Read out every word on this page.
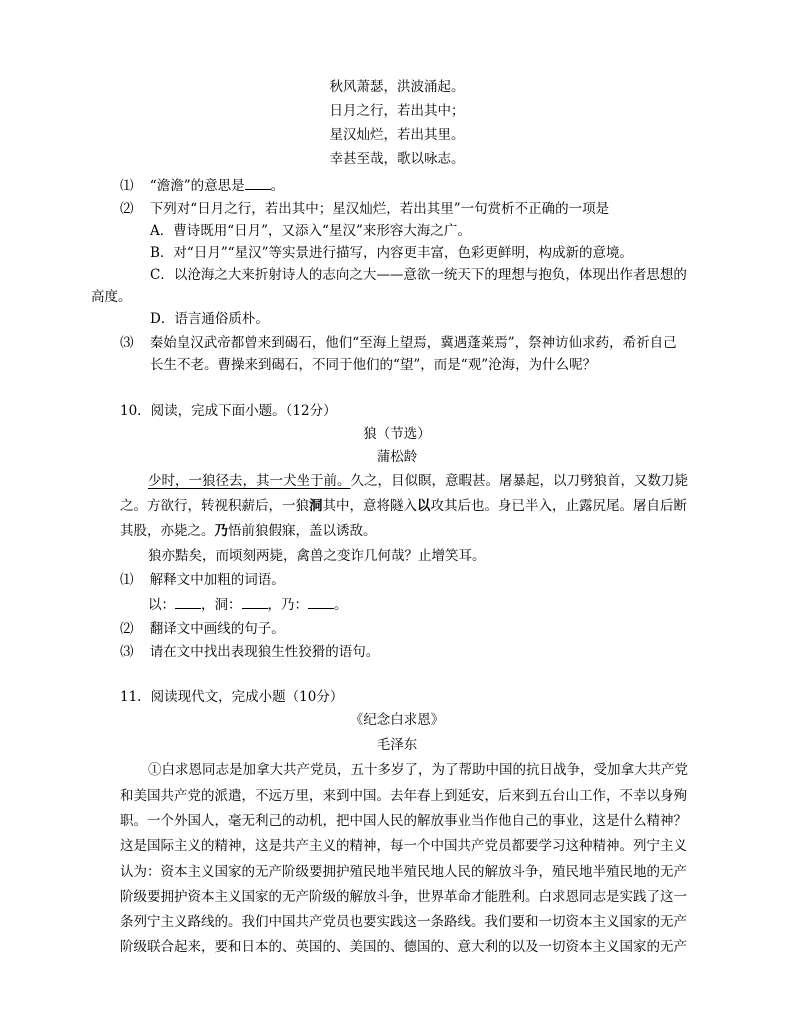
秋风萧瑟，洪波涌起。
日月之行，若出其中；
星汉灿烂，若出其里。
幸甚至哉，歌以咏志。
⑴ “澹澹”的意思是 。
⑵ 下列对“日月之行，若出其中；星汉灿烂，若出其里”一句赏析不正确的一项是
A．曹诗既用“日月”，又添入“星汉”来形容大海之广。
B．对“日月”“星汉”等实景进行描写，内容更丰富，色彩更鲜明，构成新的意境。
C．以沧海之大来折射诗人的志向之大——意欲一统天下的理想与抱负，体现出作者思想的
高度。
D．语言通俗质朴。
⑶ 秦始皇汉武帝都曾来到碣石，他们“至海上望焉，冀遇蓬莱焉”，祭神访仙求药，希祈自己
长生不老。曹操来到碣石，不同于他们的“望”，而是“观”沧海，为什么呢？
10．阅读，完成下面小题。（12分）
狼（节选）
蒲松龄
少时，一狼径去，其一犬坐于前。久之，目似瞑，意暇甚。屠暴起，以刀劈狼首，又数刀毙
之。方欲行，转视积薪后，一狼洞其中，意将隧入以攻其后也。身已半入，止露尻尾。屠自后断
其股，亦毙之。乃悟前狼假寐，盖以诱敌。
狼亦黠矣，而顷刻两毙，禽兽之变诈几何哉？止增笑耳。
⑴ 解释文中加粗的词语。
以： ，洞： ，乃： 。
⑵ 翻译文中画线的句子。
⑶ 请在文中找出表现狼生性狡猾的语句。
11．阅读现代文，完成小题（10分）
《纪念白求恩》
毛泽东
①白求恩同志是加拿大共产党员，五十多岁了，为了帮助中国的抗日战争，受加拿大共产党
和美国共产党的派遣，不远万里，来到中国。去年春上到延安，后来到五台山工作，不幸以身殉
职。一个外国人，毫无利己的动机，把中国人民的解放事业当作他自己的事业，这是什么精神？
这是国际主义的精神，这是共产主义的精神，每一个中国共产党员都要学习这种精神。列宁主义
认为：资本主义国家的无产阶级要拥护殖民地半殖民地人民的解放斗争，殖民地半殖民地的无产
阶级要拥护资本主义国家的无产阶级的解放斗争，世界革命才能胜利。白求恩同志是实践了这一
条列宁主义路线的。我们中国共产党员也要实践这一条路线。我们要和一切资本主义国家的无产
阶级联合起来，要和日本的、英国的、美国的、德国的、意大利的以及一切资本主义国家的无产
